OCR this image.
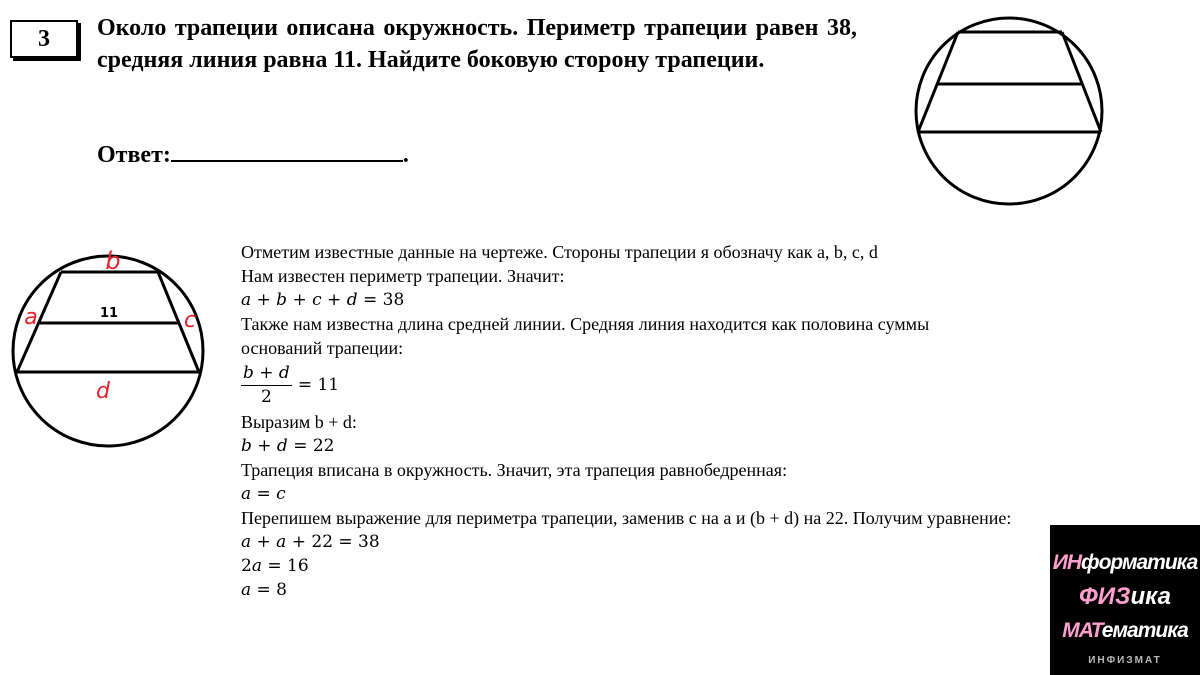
3 Около трапеции описана окружность. Периметр трапеции равен 38, средняя линия равна 11. Найдите боковую сторону трапеции.
Ответ:	.
b
a	c
d
11
Отметим известные данные на чертеже. Стороны трапеции я обозначу как a, b, c, d
Нам известен периметр трапеции. Значит:
𝑎 + 𝑏 + 𝑐 + 𝑑 = 38
Также нам известна длина средней линии. Средняя линия находится как половина суммы
оснований трапеции:
$\frac{\text{𝑏 + 𝑑}}{2} = 11$
Выразим b + d:
𝑏 + 𝑑 = 22
Трапеция вписана в окружность. Значит, эта трапеция равнобедренная:
𝑎 = 𝑐
Перепишем выражение для периметра трапеции, заменив c на a и (b + d) на 22. Получим уравнение:
𝑎 + 𝑎 + 22 = 38
2𝑎 = 16
𝑎 = 8
ИНформатика
ФИЗика
МАТематика
ИНФИЗМАТ
